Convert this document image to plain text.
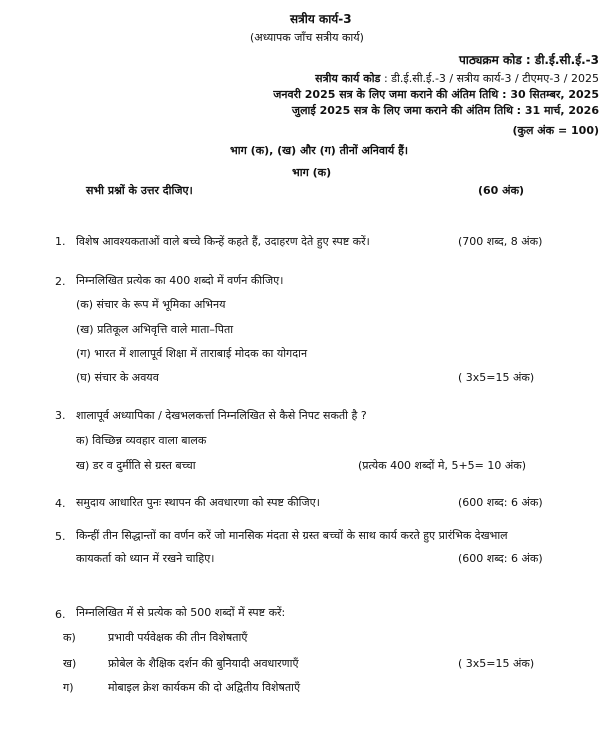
सत्रीय कार्य-3
(अध्यापक जाँच सत्रीय कार्य)
पाठ्यक्रम कोड : डी.ई.सी.ई.-3
सत्रीय कार्य कोड : डी.ई.सी.ई.-3 / सत्रीय कार्य-3 / टीएमए-3 / 2025
जनवरी 2025 सत्र के लिए जमा कराने की अंतिम तिथि : 30 सितम्बर, 2025
जुलाई 2025 सत्र के लिए जमा कराने की अंतिम तिथि : 31 मार्च, 2026
(कुल अंक = 100)
भाग (क), (ख) और (ग) तीनों अनिवार्य हैं।
भाग (क)
सभी प्रश्नों के उत्तर दीजिए।	(60 अंक)
1. विशेष आवश्यकताओं वाले बच्चे किन्हें कहते हैं, उदाहरण देते हुए स्पष्ट करें।	(700 शब्द, 8 अंक)
2. निम्नलिखित प्रत्येक का 400 शब्दो में वर्णन कीजिए।
(क) संचार के रूप में भूमिका अभिनय
(ख) प्रतिकूल अभिवृत्ति वाले माता–पिता
(ग) भारत में शालापूर्व शिक्षा में ताराबाई मोदक का योगदान
(घ) संचार के अवयव	( 3x5=15 अंक)
3. शालापूर्व अध्यापिका / देखभलकर्त्ता निम्नलिखित से कैसे निपट सकती है ?
क) विच्छिन्न व्यवहार वाला बालक
ख) डर व दुर्मीति से ग्रस्त बच्चा	(प्रत्येक 400 शब्दों मे, 5+5= 10 अंक)
4. समुदाय आधारित पुनः स्थापन की अवधारणा को स्पष्ट कीजिए।	(600 शब्द: 6 अंक)
5. किन्हीं तीन सिद्धान्तों का वर्णन करें जो मानसिक मंदता से ग्रस्त बच्चों के साथ कार्य करते हुए प्रारंभिक देखभाल
कायकर्ता को ध्यान में रखने चाहिए।	(600 शब्द: 6 अंक)
6. निम्नलिखित में से प्रत्येक को 500 शब्दों में स्पष्ट करें:
क)	प्रभावी पर्यवेक्षक की तीन विशेषताएँ
ख)	फ्रोबेल के शैक्षिक दर्शन की बुनियादी अवधारणाएँ	( 3x5=15 अंक)
ग)	मोबाइल क्रेश कार्यकम की दो अद्वितीय विशेषताएँ
